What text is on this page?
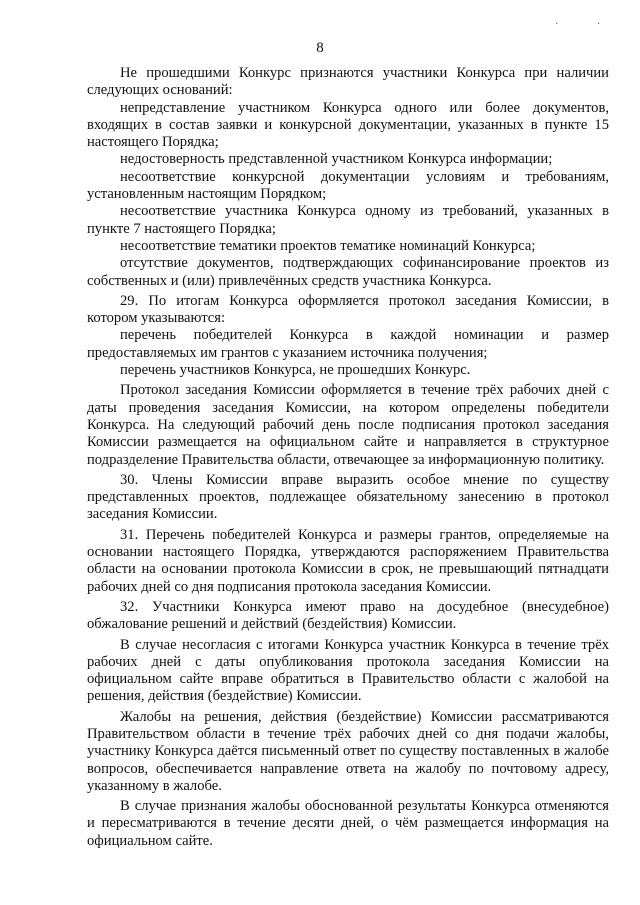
· ·
8

Не прошедшими Конкурс признаются участники Конкурса при наличии следующих оснований:

непредставление участником Конкурса одного или более документов, входящих в состав заявки и конкурсной документации, указанных в пункте 15 настоящего Порядка;

недостоверность представленной участником Конкурса информации;

несоответствие конкурсной документации условиям и требованиям, установленным настоящим Порядком;

несоответствие участника Конкурса одному из требований, указанных в пункте 7 настоящего Порядка;

несоответствие тематики проектов тематике номинаций Конкурса;

отсутствие документов, подтверждающих софинансирование проектов из собственных и (или) привлечённых средств участника Конкурса.

29. По итогам Конкурса оформляется протокол заседания Комиссии, в котором указываются:

перечень победителей Конкурса в каждой номинации и размер предоставляемых им грантов с указанием источника получения;

перечень участников Конкурса, не прошедших Конкурс.

Протокол заседания Комиссии оформляется в течение трёх рабочих дней с даты проведения заседания Комиссии, на котором определены победители Конкурса. На следующий рабочий день после подписания протокол заседания Комиссии размещается на официальном сайте и направляется в структурное подразделение Правительства области, отвечающее за информационную политику.

30. Члены Комиссии вправе выразить особое мнение по существу представленных проектов, подлежащее обязательному занесению в протокол заседания Комиссии.

31. Перечень победителей Конкурса и размеры грантов, определяемые на основании настоящего Порядка, утверждаются распоряжением Правительства области на основании протокола Комиссии в срок, не превышающий пятнадцати рабочих дней со дня подписания протокола заседания Комиссии.

32. Участники Конкурса имеют право на досудебное (внесудебное) обжалование решений и действий (бездействия) Комиссии.

В случае несогласия с итогами Конкурса участник Конкурса в течение трёх рабочих дней с даты опубликования протокола заседания Комиссии на официальном сайте вправе обратиться в Правительство области с жалобой на решения, действия (бездействие) Комиссии.

Жалобы на решения, действия (бездействие) Комиссии рассматриваются Правительством области в течение трёх рабочих дней со дня подачи жалобы, участнику Конкурса даётся письменный ответ по существу поставленных в жалобе вопросов, обеспечивается направление ответа на жалобу по почтовому адресу, указанному в жалобе.

В случае признания жалобы обоснованной результаты Конкурса отменяются и пересматриваются в течение десяти дней, о чём размещается информация на официальном сайте.
